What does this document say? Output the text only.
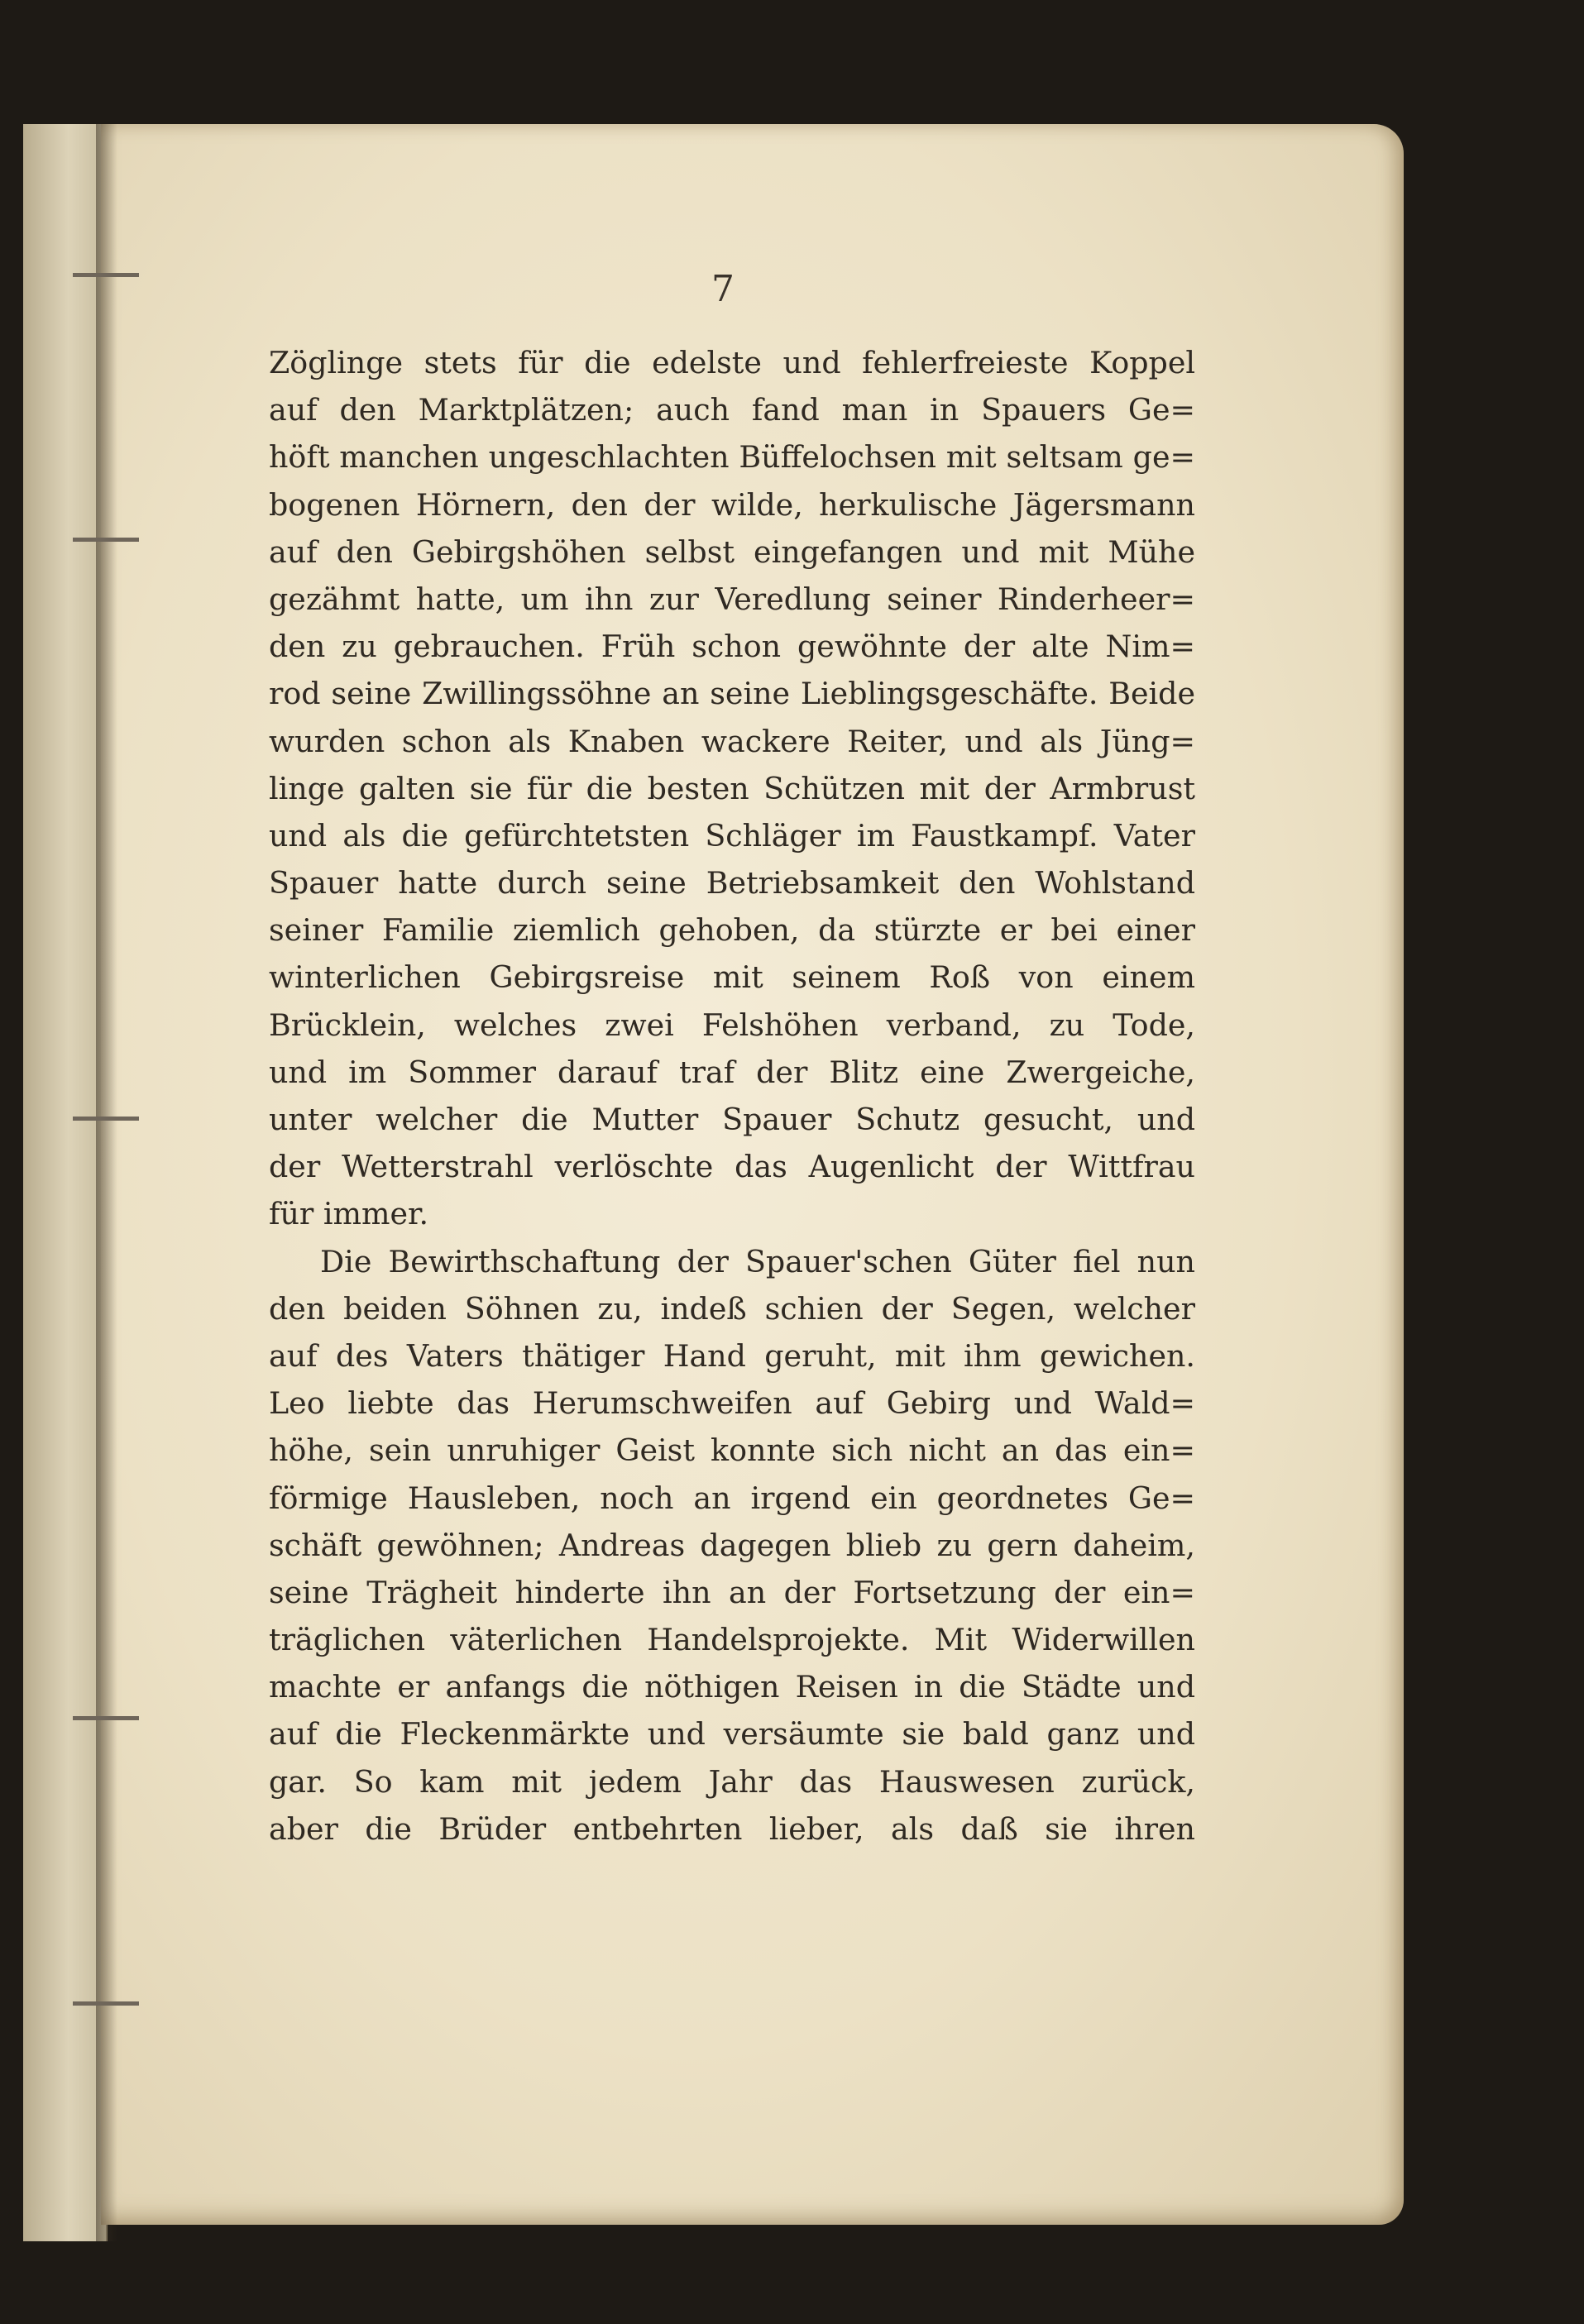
7
Zöglinge stets für die edelste und fehlerfreieste Koppel
auf den Marktplätzen; auch fand man in Spauers Ge=
höft manchen ungeschlachten Büffelochsen mit seltsam ge=
bogenen Hörnern, den der wilde, herkulische Jägersmann
auf den Gebirgshöhen selbst eingefangen und mit Mühe
gezähmt hatte, um ihn zur Veredlung seiner Rinderheer=
den zu gebrauchen. Früh schon gewöhnte der alte Nim=
rod seine Zwillingssöhne an seine Lieblingsgeschäfte. Beide
wurden schon als Knaben wackere Reiter, und als Jüng=
linge galten sie für die besten Schützen mit der Armbrust
und als die gefürchtetsten Schläger im Faustkampf. Vater
Spauer hatte durch seine Betriebsamkeit den Wohlstand
seiner Familie ziemlich gehoben, da stürzte er bei einer
winterlichen Gebirgsreise mit seinem Roß von einem
Brücklein, welches zwei Felshöhen verband, zu Tode,
und im Sommer darauf traf der Blitz eine Zwergeiche,
unter welcher die Mutter Spauer Schutz gesucht, und
der Wetterstrahl verlöschte das Augenlicht der Wittfrau
für immer.
Die Bewirthschaftung der Spauer'schen Güter fiel nun
den beiden Söhnen zu, indeß schien der Segen, welcher
auf des Vaters thätiger Hand geruht, mit ihm gewichen.
Leo liebte das Herumschweifen auf Gebirg und Wald=
höhe, sein unruhiger Geist konnte sich nicht an das ein=
förmige Hausleben, noch an irgend ein geordnetes Ge=
schäft gewöhnen; Andreas dagegen blieb zu gern daheim,
seine Trägheit hinderte ihn an der Fortsetzung der ein=
träglichen väterlichen Handelsprojekte. Mit Widerwillen
machte er anfangs die nöthigen Reisen in die Städte und
auf die Fleckenmärkte und versäumte sie bald ganz und
gar. So kam mit jedem Jahr das Hauswesen zurück,
aber die Brüder entbehrten lieber, als daß sie ihren
